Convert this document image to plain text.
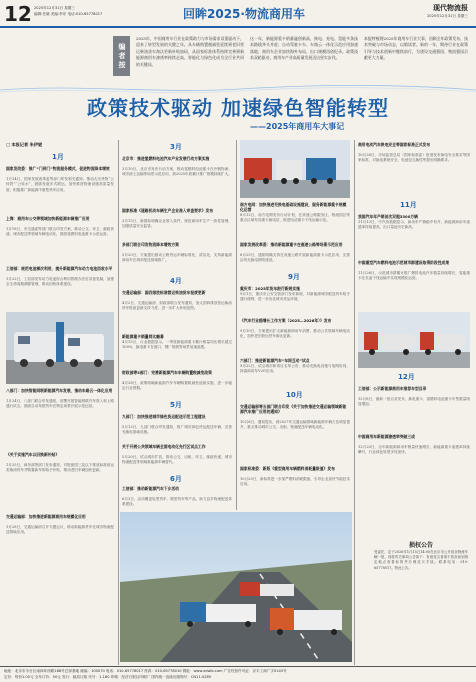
12 2025年12月31日 星期三
编辑:任晓 美编:李东 电话:010-65778017	回眸2025·物流商用车	现代物流报
2025年12月31日 星期三
编者按
2025年，中国商用车行业在政策助力与市场需求双重驱动下，迎来了转型发展的关键之年。从车辆购置税减免延续到老旧营运柴油货车淘汰更新补贴加码，从国家标准体系持续完善到新能源商用车渗透率持续走高，智能化与绿色化成为全行业共同的关键词。
这一年，新能源重卡销量屡创新高，换电、充电、氢能多条技术路线齐头并进；自动驾驶卡车、车路云一体化示范应用加速落地；商用车企业加快海外布局，出口规模再创纪录。政策技术双轮驱动，商用车产业高质量发展迈出坚实步伐。
本报特梳理2025年商用车行业大事，回顾全年政策发布、技术突破与市场动态，以飨读者。新的一年，期待行业在政策引导与技术创新中继续前行，为建设交通强国、物流强国贡献更大力量。
政策技术驱动 加速绿色智能转型
——2025年商用车大事记
□ 本报记者 朱伊妮
1月
国家发改委：推广“门到门”物流服务模式，促进物流降本增效
1月14日，国家发展改革委等部门印发相关通知，推动大宗货物“公转铁”“公转水”，鼓励发展多式联运，加快推进物流设施高质量发展，积极推广新能源中重型货车应用。
上海：商用车公交等领域加快新能源车辆推广应用
1月18日，市交通委等部门联合印发方案，推动公交、环卫、邮政快递、城市配送等领域车辆电动化，鼓励氢燃料电池重卡示范运营。
工信部：规范电池梯次利用，提升新能源汽车动力电池回收水平
1月22日，工信部发布动力电池综合利用管理办法征求意见稿，加强全生命周期溯源管理，推动回收体系建设。
八部门：加快智能网联新能源汽车发展，推动车路云一体化应用
1月24日，八部门联合印发通知，部署开展智能网联汽车准入和上路通行试点，鼓励自动驾驶货车在特定场景开展示范运营。
《关于实施汽车以旧换新补贴》
1月25日，商务部等部门发布通知，对报废国三及以下排放标准营运类柴油货车并购置新车的给予补贴，推动老旧车辆加快更新。
交通运输部：加快推进新能源商用车规模化应用
1月28日，交通运输部召开专题会议，推动新能源货车在城市物流配送领域应用。
3月
北京市：推进氢燃料电池汽车产业发展行动方案实施
3月10日，北京市发布行动方案，推动氢燃料电池重卡在冷链物流、城市渣土运输等场景示范应用，到2025年底累计推广规模持续扩大。
国家标准《道路机动车辆生产企业准入审查要求》发布
3月15日，新国标明确企业准入条件，规范商用车生产一致性管理，加强质量安全监管。
多部门联合印发物流降本增效方案
3月20日，方案提出推动公路货运车辆标准化、清洁化，支持新能源商用车在城市配送领域推广。
4月
交通运输部：国四排放标准营运柴油货车报废更新
4月2日，交通运输部、财政部联合发布通知，加大国四排放营运柴油货车报废更新支持力度，进一步扩大补贴范围。
新能源重卡销量同比翻番
4月15日，行业数据显示，一季度新能源重卡累计销量同比增长超过100%，换电重卡在港口、钢厂短倒等场景加速渗透。
财政部等3部门：完善新能源汽车车辆购置税减免政策
4月28日，政策明确新能源汽车车辆购置税减免延续实施，进一步稳定行业预期。
5月
九部门：加快推进城市绿色货运配送示范工程建设
5月12日，九部门联合印发通知，推广城市绿色货运配送车辆，完善充换电基础设施。
关于开展公共领域车辆全面电动化先行区试点工作
5月20日，试点城市扩容，推动公交、出租、环卫、邮政快递、城市物流配送等领域新能源车辆替代。
6月
工信部：推动新能源汽车下乡活动
6月3日，活动覆盖轻型货车、微型货车等产品，助力县乡物流配送体系建设。
南方电网：加快推进充换电基础设施建设，服务新能源重卡规模化运营
8月12日，南方电网发布行动计划，在高速公路服务区、物流园区等重点区域布局重卡换电站，推进电动重卡干线运输示范。
国家发展改革委：推动新能源重卡在高速公路等场景示范应用
8月25日，通知明确支持在高速公路开展新能源重卡示范应用，完善沿线充换电网络建设。
9月
重庆市：2025年货车限行新规实施
9月1日，重庆市公安交管部门发布新规，对新能源城市配送货车给予通行便利，进一步优化城市货运环境。
《汽车行业稳增长工作方案（2025—2026年）》发布
9月10日，方案提出扩大新能源商用车消费，推动公共领域车辆电动化，加快老旧营运货车淘汰更新。
六部门：推进新能源汽车“车网互动”试点
9月22日，试点城市和项目名单公布，推动充换电设施与电网协同，探索商用车V2G应用。
10月
交通运输部等五部门联合印发《关于加快推进交通运输领域新能源汽车推广应用的通知》
10月8日，通知提出，到2027年交通运输领域新能源车辆占比明显提升，重点推动城市公交、出租、物流配送车辆电动化。
国家标准委：新版《重型商用车辆燃料消耗量限值》发布
10月20日，新标准进一步加严燃料消耗限值，引导企业加快节能技术应用。
商用电动汽车换电安全等国家标准正式发布
10月28日，市场监管总局（国家标准委）批准发布换电安全要求等国家标准，对换电系统安全、电池包互换性等提出明确要求。
11月
我国汽车年产销首次双超3300万辆
11月12日，中汽协数据显示，商用车产销稳中有升，新能源商用车渗透率持续提高，出口量创历史新高。
中国重型汽车燃料电池示范城市群建设取得阶段性成果
11月26日，示范城市群累计推广燃料电池汽车数量持续增长，氢能重卡在长途干线运输中实现规模化运营。
12月
工信部：公示新能源商用车推荐车型目录
12月8日，最新一批目录发布，换电重卡、氢燃料电池重卡车型数量明显增加。
中国商用车新能源渗透率突破三成
12月20日，全年新能源商用车销量快速增长，新能源重卡渗透率持续攀升，行业绿色转型步伐加快。
损权公告
受委托，定于2026年1月15日14:00在北京市公开拍卖物流车辆一批，现将有关事项公告如下：有意竞买者请于拍卖前到指定地点查看标的并办理竞买手续。联系电话：010-65778017。特此公告。
地址：北京市丰台区南四环西路188号总部基地 邮编：100070 电话：010-65778017 传真：010-65778010 网址：www.xdwlb.com 广告经营许可证：京丰工商广字0145号
定价：每份1.00元 全年订价：50元 发行：邮局订阅 代号：1-180 印刷：经济日报社印刷厂 国内统一连续出版物号：CN11-0289
